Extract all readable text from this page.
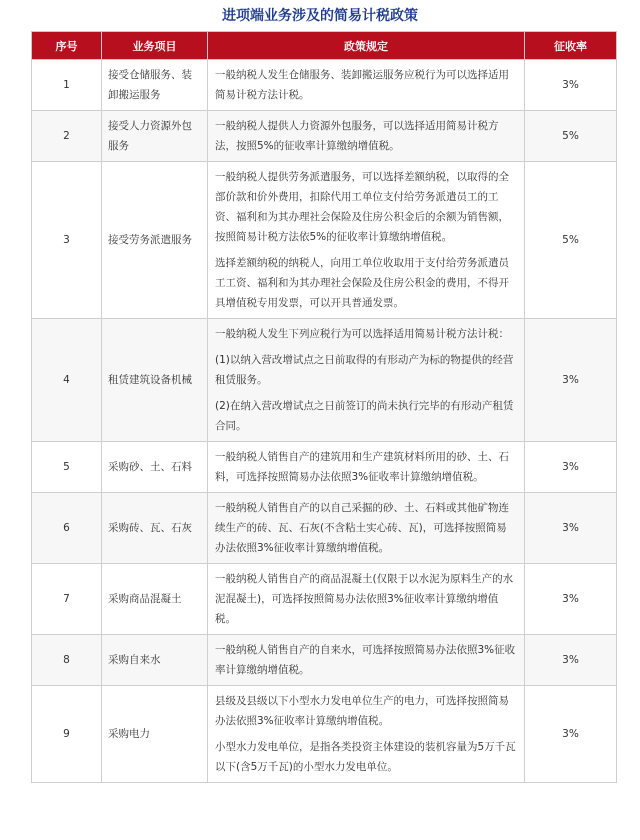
进项端业务涉及的简易计税政策
序号	业务项目	政策规定	征收率
1	接受仓储服务、装卸搬运服务	一般纳税人发生仓储服务、装卸搬运服务应税行为可以选择适用简易计税方法计税。	3%
2	接受人力资源外包服务	一般纳税人提供人力资源外包服务，可以选择适用简易计税方法，按照5%的征收率计算缴纳增值税。	5%
3	接受劳务派遣服务	一般纳税人提供劳务派遣服务，可以选择差额纳税，以取得的全部价款和价外费用，扣除代用工单位支付给劳务派遣员工的工资、福利和为其办理社会保险及住房公积金后的余额为销售额，按照简易计税方法依5%的征收率计算缴纳增值税。
选择差额纳税的纳税人，向用工单位收取用于支付给劳务派遣员工工资、福利和为其办理社会保险及住房公积金的费用，不得开具增值税专用发票，可以开具普通发票。	5%
4	租赁建筑设备机械	一般纳税人发生下列应税行为可以选择适用简易计税方法计税：
(1)以纳入营改增试点之日前取得的有形动产为标的物提供的经营租赁服务。
(2)在纳入营改增试点之日前签订的尚未执行完毕的有形动产租赁合同。	3%
5	采购砂、土、石料	一般纳税人销售自产的建筑用和生产建筑材料所用的砂、土、石料，可选择按照简易办法依照3%征收率计算缴纳增值税。	3%
6	采购砖、瓦、石灰	一般纳税人销售自产的以自己采掘的砂、土、石料或其他矿物连续生产的砖、瓦、石灰(不含粘土实心砖、瓦)，可选择按照简易办法依照3%征收率计算缴纳增值税。	3%
7	采购商品混凝土	一般纳税人销售自产的商品混凝土(仅限于以水泥为原料生产的水泥混凝土)，可选择按照简易办法依照3%征收率计算缴纳增值税。	3%
8	采购自来水	一般纳税人销售自产的自来水，可选择按照简易办法依照3%征收率计算缴纳增值税。	3%
9	采购电力	县级及县级以下小型水力发电单位生产的电力，可选择按照简易办法依照3%征收率计算缴纳增值税。
小型水力发电单位，是指各类投资主体建设的装机容量为5万千瓦以下(含5万千瓦)的小型水力发电单位。	3%
